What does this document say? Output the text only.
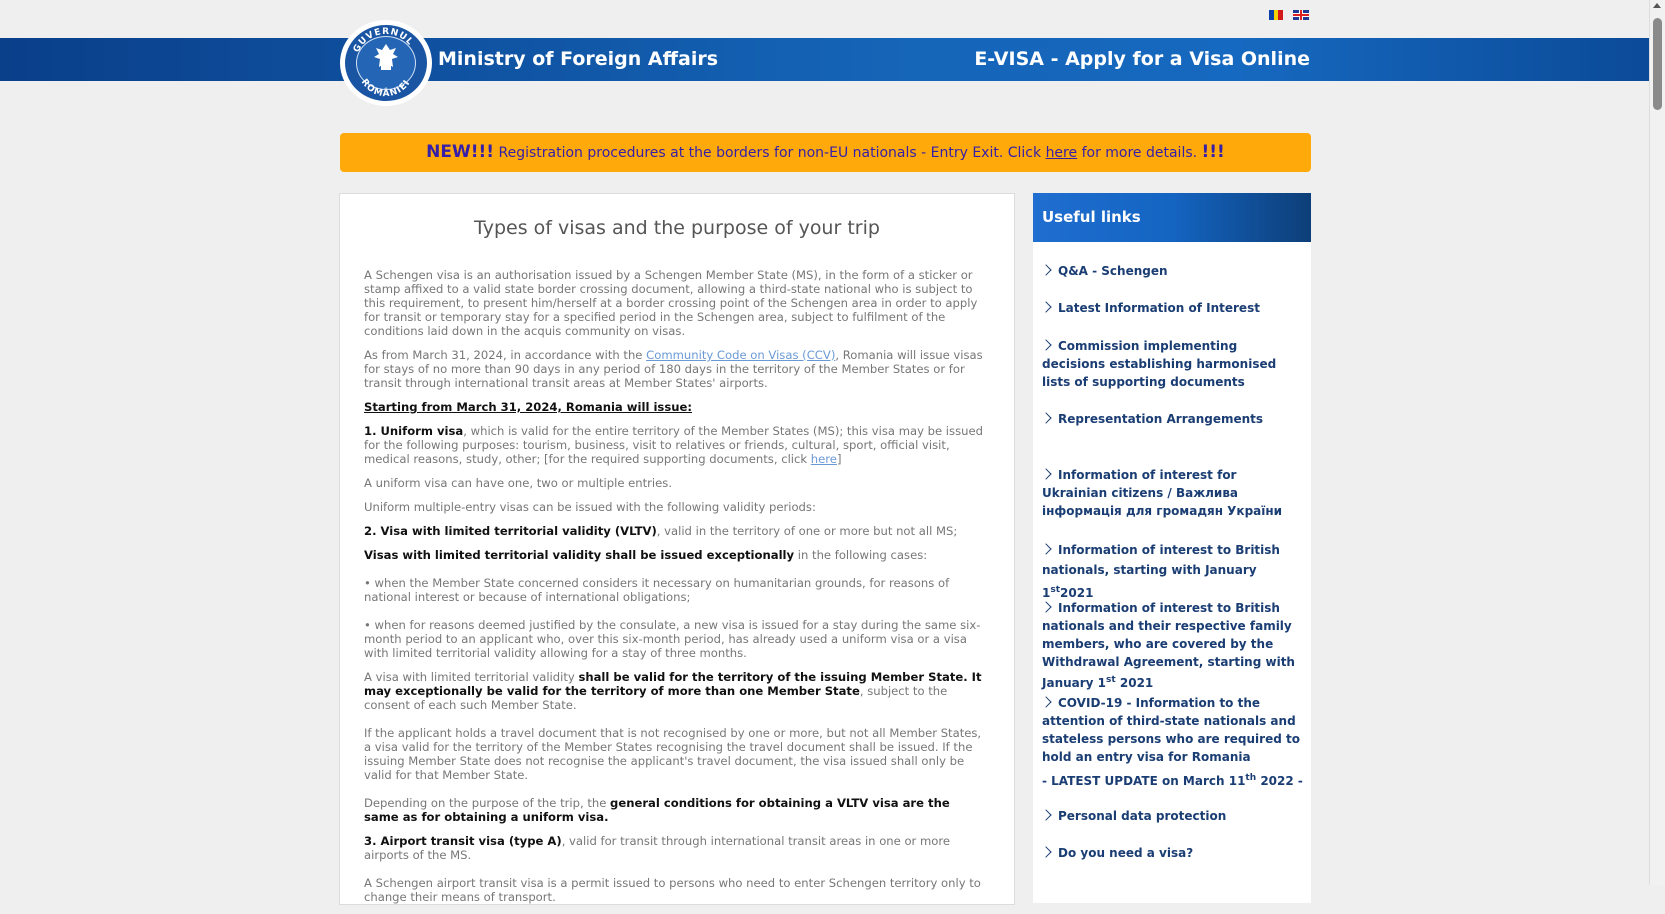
GUVERNUL
ROMÂNIEI
Ministry of Foreign Affairs	E-VISA - Apply for a Visa Online
NEW!!! Registration procedures at the borders for non-EU nationals - Entry Exit. Click here for more details. !!!
Types of visas and the purpose of your trip

A Schengen visa is an authorisation issued by a Schengen Member State (MS), in the form of a sticker or stamp affixed to a valid state border crossing document, allowing a third-state national who is subject to this requirement, to present him/herself at a border crossing point of the Schengen area in order to apply for transit or temporary stay for a specified period in the Schengen area, subject to fulfilment of the conditions laid down in the acquis community on visas.

As from March 31, 2024, in accordance with the Community Code on Visas (CCV), Romania will issue visas for stays of no more than 90 days in any period of 180 days in the territory of the Member States or for transit through international transit areas at Member States' airports.

Starting from March 31, 2024, Romania will issue:

1. Uniform visa, which is valid for the entire territory of the Member States (MS); this visa may be issued for the following purposes: tourism, business, visit to relatives or friends, cultural, sport, official visit, medical reasons, study, other; [for the required supporting documents, click here]

A uniform visa can have one, two or multiple entries.

Uniform multiple-entry visas can be issued with the following validity periods:

2. Visa with limited territorial validity (VLTV), valid in the territory of one or more but not all MS;

Visas with limited territorial validity shall be issued exceptionally in the following cases:

• when the Member State concerned considers it necessary on humanitarian grounds, for reasons of national interest or because of international obligations;

• when for reasons deemed justified by the consulate, a new visa is issued for a stay during the same six-month period to an applicant who, over this six-month period, has already used a uniform visa or a visa with limited territorial validity allowing for a stay of three months.

A visa with limited territorial validity shall be valid for the territory of the issuing Member State. It may exceptionally be valid for the territory of more than one Member State, subject to the consent of each such Member State.

If the applicant holds a travel document that is not recognised by one or more, but not all Member States, a visa valid for the territory of the Member States recognising the travel document shall be issued. If the issuing Member State does not recognise the applicant's travel document, the visa issued shall only be valid for that Member State.

Depending on the purpose of the trip, the general conditions for obtaining a VLTV visa are the same as for obtaining a uniform visa.

3. Airport transit visa (type A), valid for transit through international transit areas in one or more airports of the MS.

A Schengen airport transit visa is a permit issued to persons who need to enter Schengen territory only to change their means of transport.

Useful links
Q&A - Schengen
Latest Information of Interest
Commission implementing decisions establishing harmonised lists of supporting documents
Representation Arrangements
Information of interest for Ukrainian citizens / Важлива інформація для громадян України
Information of interest to British nationals, starting with January 1st2021
Information of interest to British nationals and their respective family members, who are covered by the Withdrawal Agreement, starting with January 1st 2021
COVID-19 - Information to the attention of third-state nationals and stateless persons who are required to hold an entry visa for Romania
- LATEST UPDATE on March 11th 2022 -
Personal data protection
Do you need a visa?
